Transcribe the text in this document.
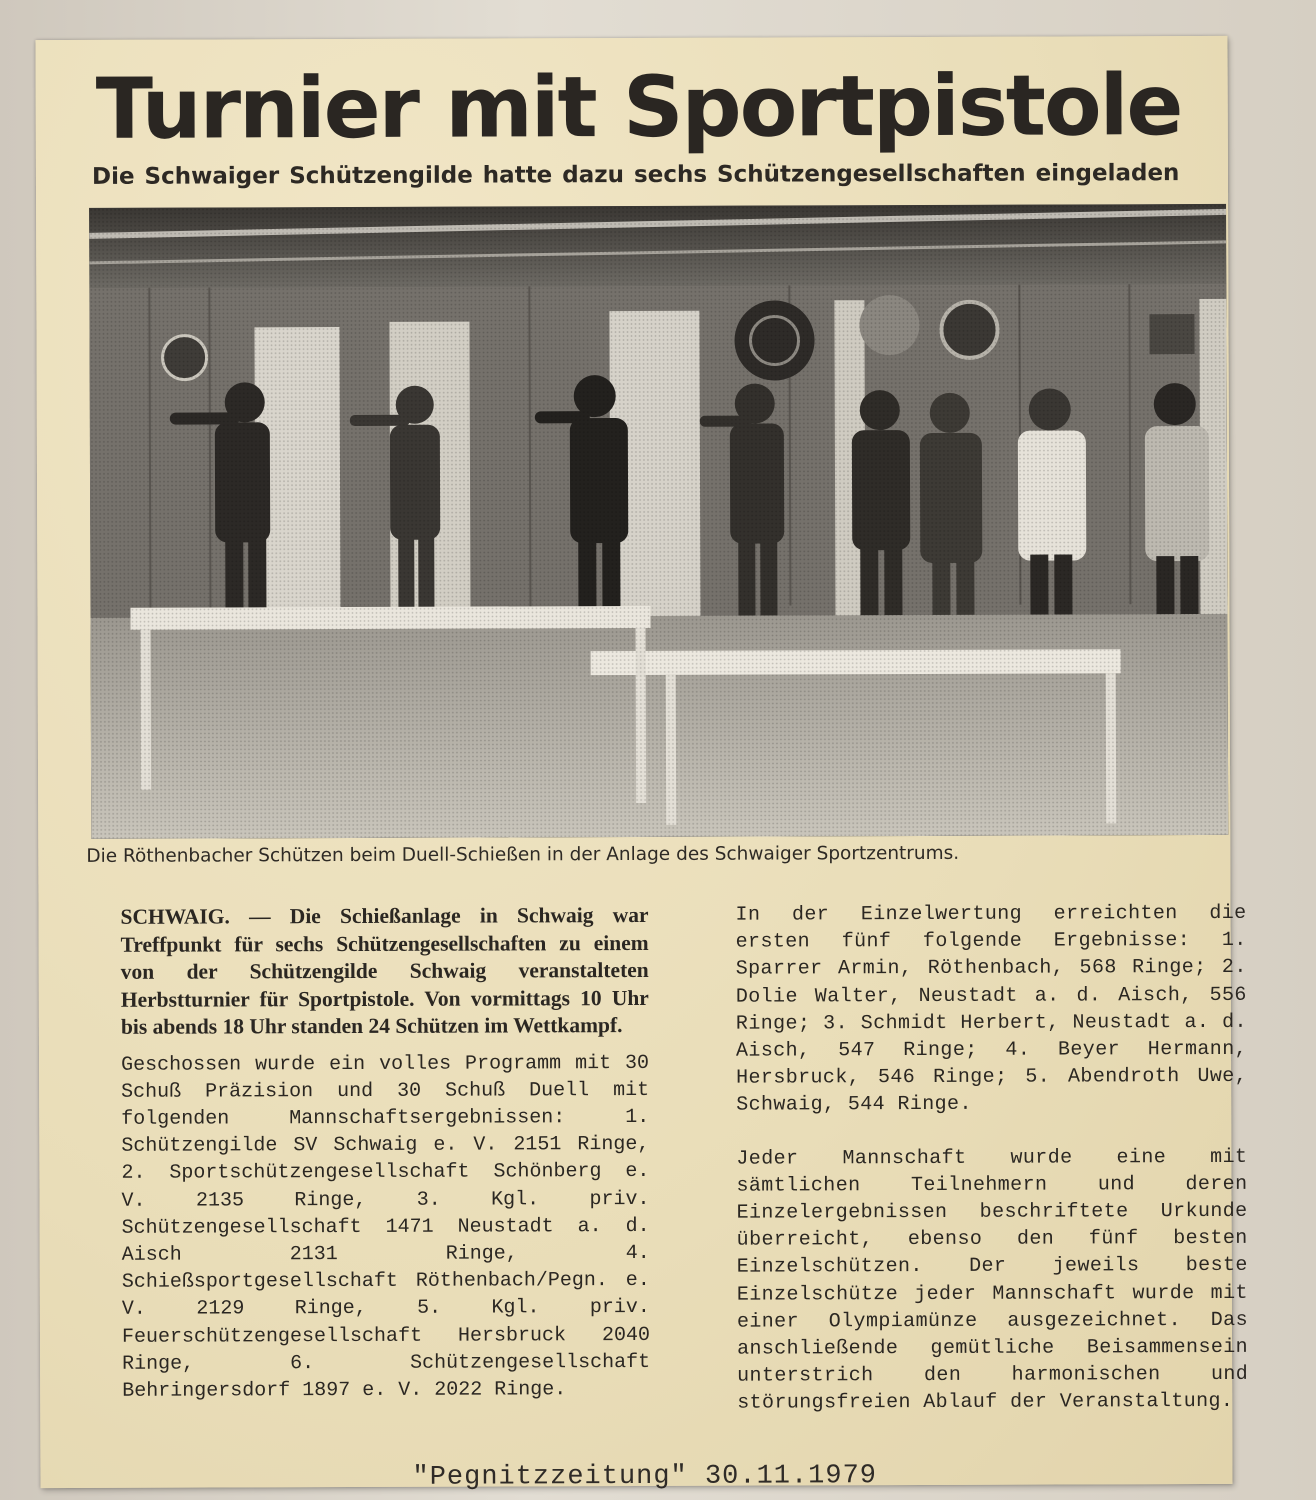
Turnier mit Sportpistole
Die Schwaiger Schützengilde hatte dazu sechs Schützengesellschaften eingeladen
Die Röthenbacher Schützen beim Duell-Schießen in der Anlage des Schwaiger Sportzentrums.

SCHWAIG. — Die Schießanlage in Schwaig war Treffpunkt für sechs Schützengesellschaften zu einem von der Schützengilde Schwaig veranstalteten Herbstturnier für Sportpistole. Von vormittags 10 Uhr bis abends 18 Uhr standen 24 Schützen im Wettkampf.

Geschossen wurde ein volles Programm mit 30 Schuß Präzision und 30 Schuß Duell mit folgenden Mannschaftsergebnissen: 1. Schützengilde SV Schwaig e. V. 2151 Ringe, 2. Sportschützengesellschaft Schönberg e. V. 2135 Ringe, 3. Kgl. priv. Schützengesellschaft 1471 Neustadt a. d. Aisch 2131 Ringe, 4. Schießsportgesellschaft Röthenbach/Pegn. e. V. 2129 Ringe, 5. Kgl. priv. Feuerschützengesellschaft Hersbruck 2040 Ringe, 6. Schützengesellschaft Behringersdorf 1897 e. V. 2022 Ringe.

In der Einzelwertung erreichten die ersten fünf folgende Ergebnisse: 1. Sparrer Armin, Röthenbach, 568 Ringe; 2. Dolie Walter, Neustadt a. d. Aisch, 556 Ringe; 3. Schmidt Herbert, Neustadt a. d. Aisch, 547 Ringe; 4. Beyer Hermann, Hersbruck, 546 Ringe; 5. Abendroth Uwe, Schwaig, 544 Ringe.

Jeder Mannschaft wurde eine mit sämtlichen Teilnehmern und deren Einzelergebnissen beschriftete Urkunde überreicht, ebenso den fünf besten Einzelschützen. Der jeweils beste Einzelschütze jeder Mannschaft wurde mit einer Olympiamünze ausgezeichnet. Das anschließende gemütliche Beisammensein unterstrich den harmonischen und störungsfreien Ablauf der Veranstaltung.

"Pegnitzzeitung" 30.11.1979
